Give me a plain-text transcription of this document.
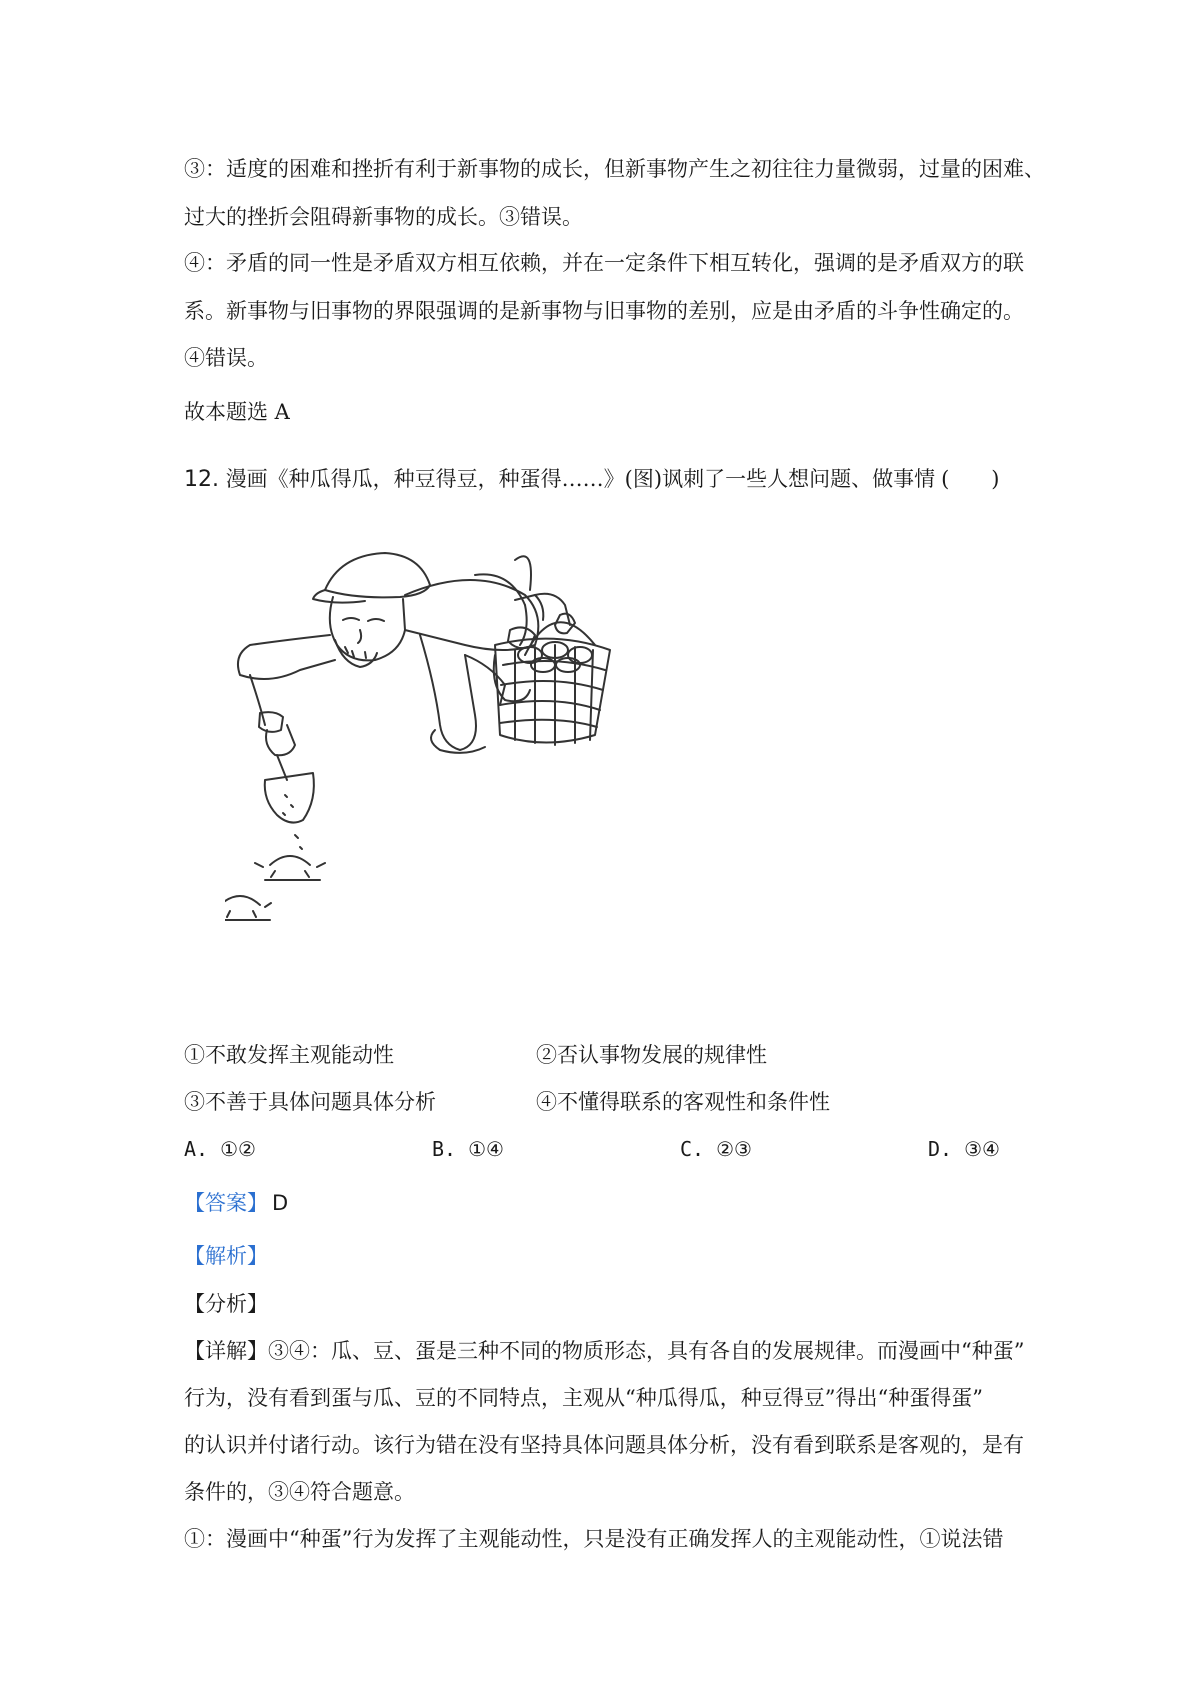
③：适度的困难和挫折有利于新事物的成长，但新事物产生之初往往力量微弱，过量的困难、
过大的挫折会阻碍新事物的成长。③错误。
④：矛盾的同一性是矛盾双方相互依赖，并在一定条件下相互转化，强调的是矛盾双方的联
系。新事物与旧事物的界限强调的是新事物与旧事物的差别，应是由矛盾的斗争性确定的。
④错误。
故本题选 A
12. 漫画《种瓜得瓜，种豆得豆，种蛋得……》(图)讽刺了一些人想问题、做事情 (　　)
①不敢发挥主观能动性	②否认事物发展的规律性
③不善于具体问题具体分析	④不懂得联系的客观性和条件性
A. ①②	B. ①④	C. ②③	D. ③④
【答案】 D
【解析】
【分析】
【详解】③④：瓜、豆、蛋是三种不同的物质形态，具有各自的发展规律。而漫画中“种蛋”
行为，没有看到蛋与瓜、豆的不同特点，主观从“种瓜得瓜，种豆得豆”得出“种蛋得蛋”
的认识并付诸行动。该行为错在没有坚持具体问题具体分析，没有看到联系是客观的，是有
条件的，③④符合题意。
①：漫画中“种蛋”行为发挥了主观能动性，只是没有正确发挥人的主观能动性，①说法错
